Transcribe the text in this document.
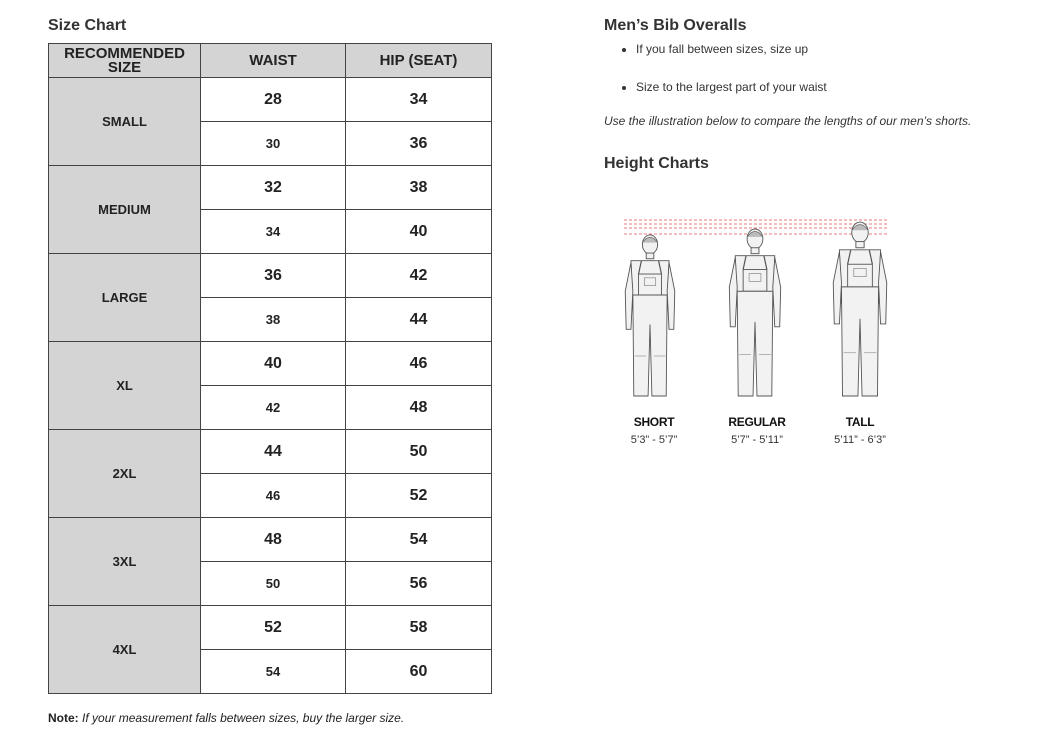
Size Chart
RECOMMENDED SIZE	WAIST	HIP (SEAT)
SMALL	28	34
	30	36
MEDIUM	32	38
	34	40
LARGE	36	42
	38	44
XL	40	46
	42	48
2XL	44	50
	46	52
3XL	48	54
	50	56
4XL	52	58
	54	60
Note: If your measurement falls between sizes, buy the larger size.
Men’s Bib Overalls
• If you fall between sizes, size up
• Size to the largest part of your waist
Use the illustration below to compare the lengths of our men’s shorts.
Height Charts
SHORT
5’3” - 5’7”
REGULAR
5’7” - 5’11”
TALL
5’11” - 6’3”
